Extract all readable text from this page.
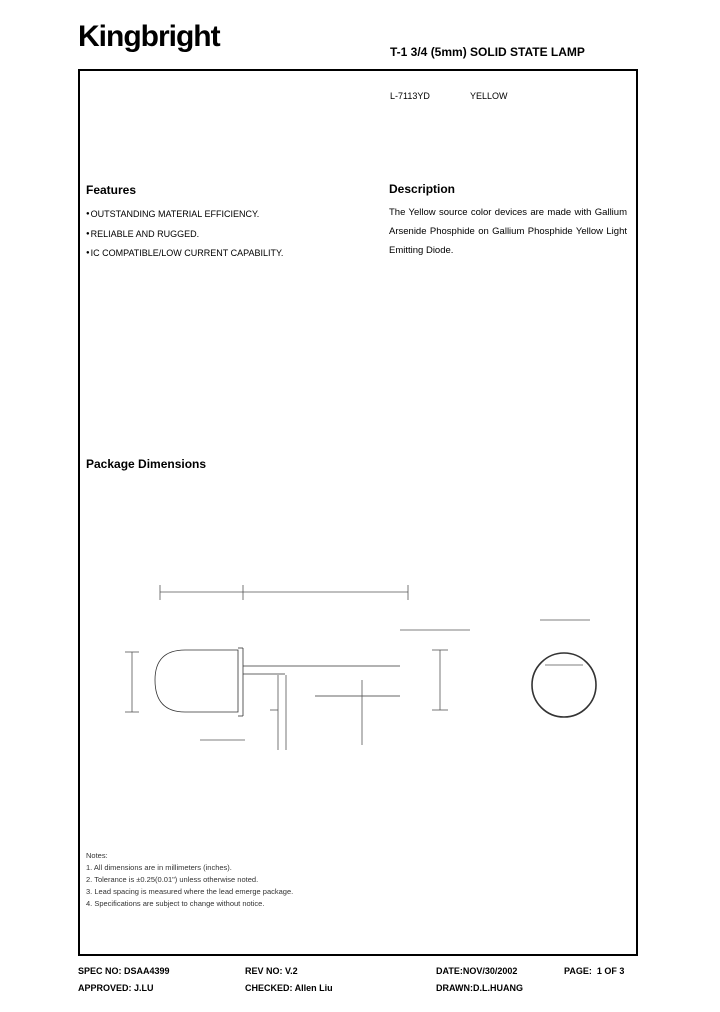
Kingbright	T-1 3/4 (5mm) SOLID STATE LAMP
L-7113YD	YELLOW
Features
● OUTSTANDING MATERIAL EFFICIENCY.
● RELIABLE AND RUGGED.
● IC COMPATIBLE/LOW CURRENT CAPABILITY.
Description
The Yellow source color devices are made with Gallium Arsenide Phosphide on Gallium Phosphide Yellow Light Emitting Diode.
Package Dimensions
Notes:
1. All dimensions are in millimeters (inches).
2. Tolerance is ±0.25(0.01") unless otherwise noted.
3. Lead spacing is measured where the lead emerge package.
4. Specifications are subject to change without notice.
SPEC NO: DSAA4399	REV NO: V.2	DATE:NOV/30/2002	PAGE:  1 OF 3
APPROVED: J.LU	CHECKED: Allen Liu	DRAWN:D.L.HUANG
